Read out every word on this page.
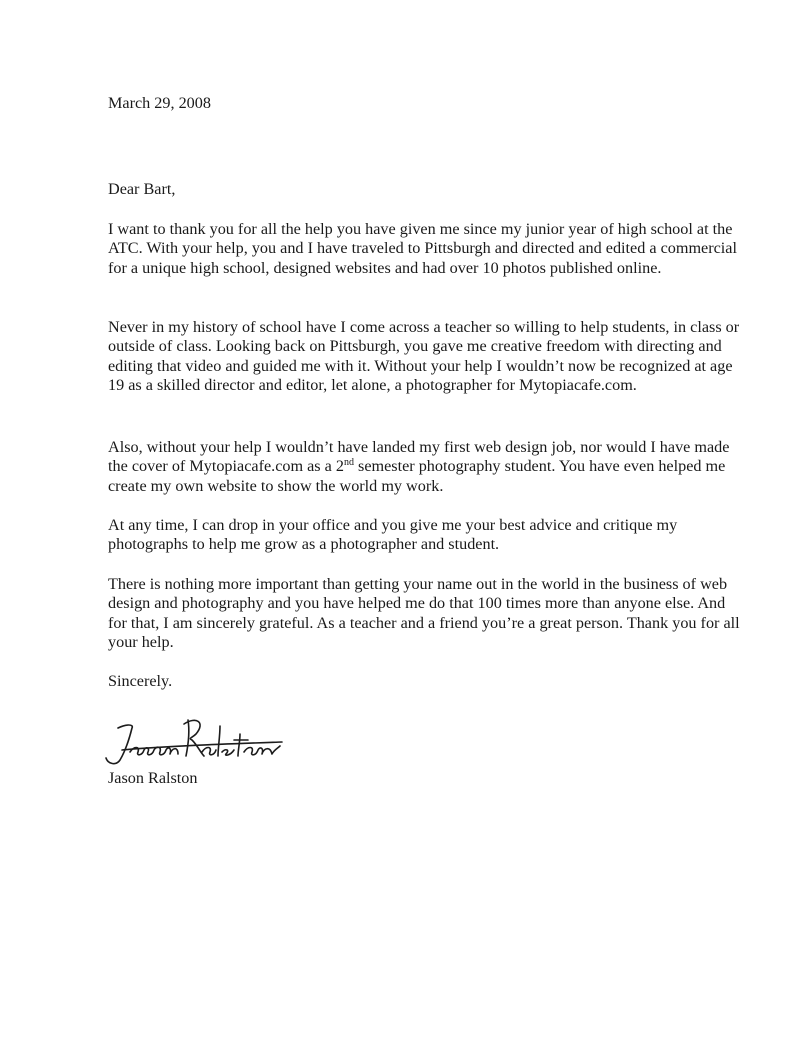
March 29, 2008

Dear Bart,

I want to thank you for all the help you have given me since my junior year of high school at the ATC. With your help, you and I have traveled to Pittsburgh and directed and edited a commercial for a unique high school, designed websites and had over 10 photos published online.

Never in my history of school have I come across a teacher so willing to help students, in class or outside of class. Looking back on Pittsburgh, you gave me creative freedom with directing and editing that video and guided me with it. Without your help I wouldn’t now be recognized at age 19 as a skilled director and editor, let alone, a photographer for Mytopiacafe.com.

Also, without your help I wouldn’t have landed my first web design job, nor would I have made the cover of Mytopiacafe.com as a 2nd semester photography student. You have even helped me create my own website to show the world my work.

At any time, I can drop in your office and you give me your best advice and critique my photographs to help me grow as a photographer and student.

There is nothing more important than getting your name out in the world in the business of web design and photography and you have helped me do that 100 times more than anyone else. And for that, I am sincerely grateful. As a teacher and a friend you’re a great person. Thank you for all your help.

Sincerely.

Jason Ralston
